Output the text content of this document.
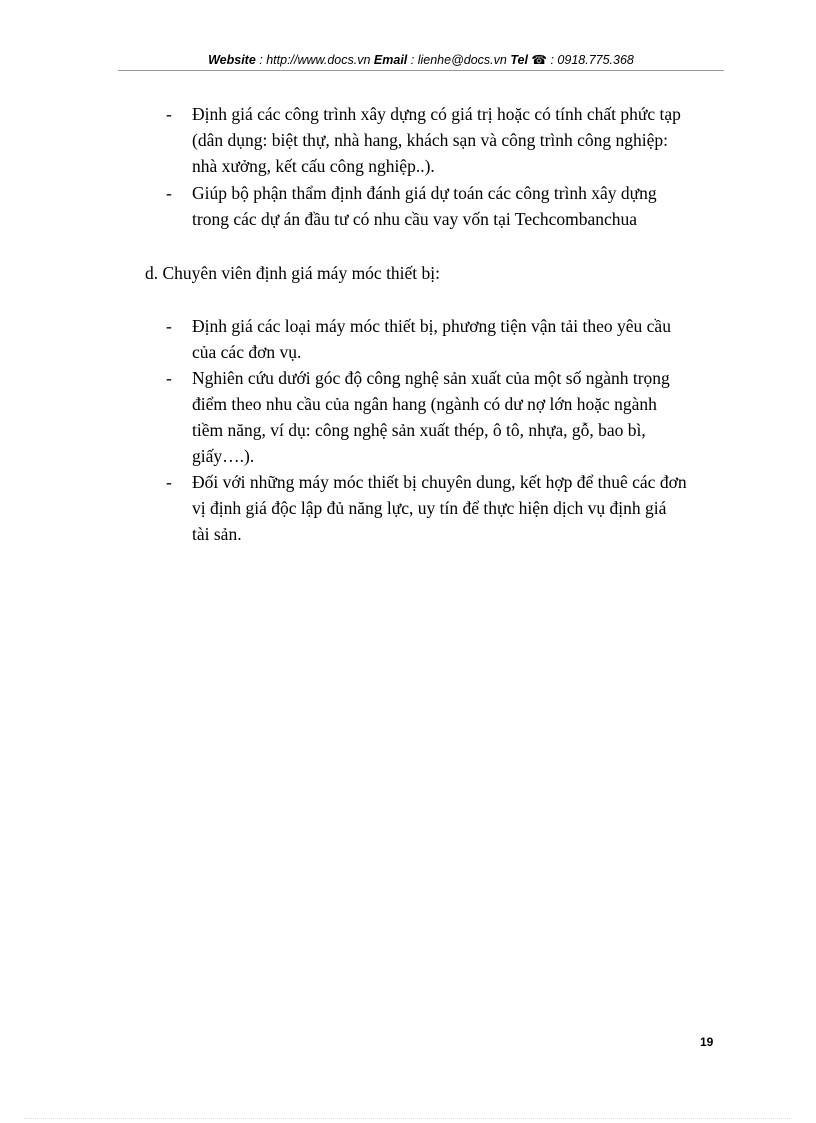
Website : http://www.docs.vn Email : lienhe@docs.vn Tel ☎ : 0918.775.368
- Định giá các công trình xây dựng có giá trị hoặc có tính chất phức tạp
(dân dụng: biệt thự, nhà hang, khách sạn và công trình công nghiệp:
nhà xưởng, kết cấu công nghiệp..).
- Giúp bộ phận thẩm định đánh giá dự toán các công trình xây dựng
trong các dự án đầu tư có nhu cầu vay vốn tại Techcombanchua
d. Chuyên viên định giá máy móc thiết bị:
- Định giá các loại máy móc thiết bị, phương tiện vận tải theo yêu cầu
của các đơn vụ.
- Nghiên cứu dưới góc độ công nghệ sản xuất của một số ngành trọng
điểm theo nhu cầu của ngân hang (ngành có dư nợ lớn hoặc ngành
tiềm năng, ví dụ: công nghệ sản xuất thép, ô tô, nhựa, gỗ, bao bì,
giấy….).
- Đối với những máy móc thiết bị chuyên dung, kết hợp để thuê các đơn
vị định giá độc lập đủ năng lực, uy tín để thực hiện dịch vụ định giá
tài sản.
19
